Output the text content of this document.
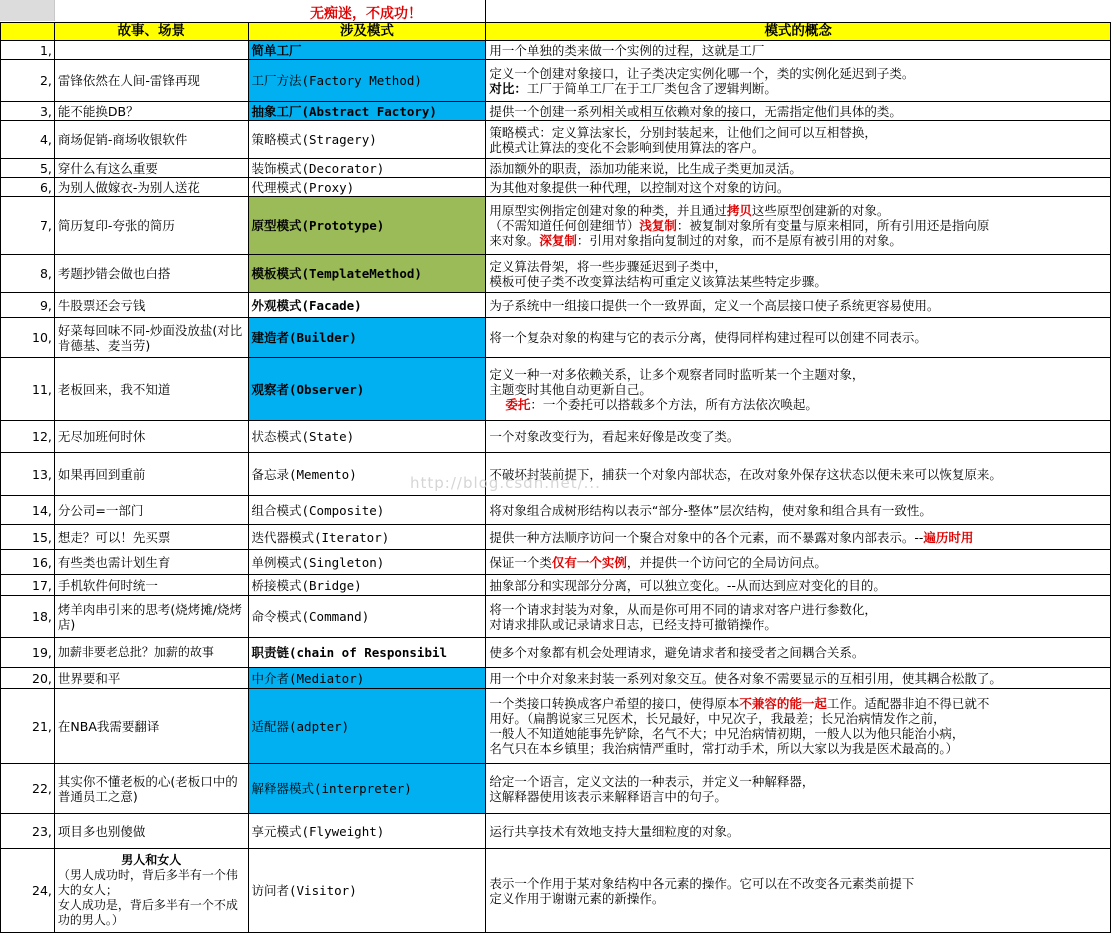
无痴迷，不成功！
	故事、场景	涉及模式	模式的概念
1,		简单工厂	用一个单独的类来做一个实例的过程，这就是工厂
2,	雷锋依然在人间-雷锋再现	工厂方法(Factory Method)	定义一个创建对象接口，让子类决定实例化哪一个，类的实例化延迟到子类。
对比：工厂于简单工厂在于工厂类包含了逻辑判断。

3,	能不能换DB？	抽象工厂(Abstract Factory)	提供一个创建一系列相关或相互依赖对象的接口，无需指定他们具体的类。
4,	商场促销-商场收银软件	策略模式(Stragery)	策略模式：定义算法家长，分别封装起来，让他们之间可以互相替换，
此模式让算法的变化不会影响到使用算法的客户。

5,	穿什么有这么重要	装饰模式(Decorator)	添加额外的职责，添加功能来说，比生成子类更加灵活。
6,	为别人做嫁衣-为别人送花	代理模式(Proxy)	为其他对象提供一种代理，以控制对这个对象的访问。
7,	简历复印-夸张的简历	原型模式(Prototype)	用原型实例指定创建对象的种类，并且通过拷贝这些原型创建新的对象。
（不需知道任何创建细节）浅复制：被复制对象所有变量与原来相同，所有引用还是指向原
来对象。深复制：引用对象指向复制过的对象，而不是原有被引用的对象。

8,	考题抄错会做也白搭	模板模式(TemplateMethod)	定义算法骨架，将一些步骤延迟到子类中，
模板可使子类不改变算法结构可重定义该算法某些特定步骤。

9,	牛股票还会亏钱	外观模式(Facade)	为子系统中一组接口提供一个一致界面，定义一个高层接口使子系统更容易使用。
10,	好菜每回味不同-炒面没放盐(对比肯德基、麦当劳)	建造者(Builder)	将一个复杂对象的构建与它的表示分离，使得同样构建过程可以创建不同表示。
11,	老板回来，我不知道	观察者(Observer)	定义一种一对多依赖关系，让多个观察者同时监听某一个主题对象，
主题变时其他自动更新自己。
委托：一个委托可以搭载多个方法，所有方法依次唤起。

12,	无尽加班何时休	状态模式(State)	一个对象改变行为，看起来好像是改变了类。
13,	如果再回到重前	备忘录(Memento)	不破坏封装前提下，捕获一个对象内部状态，在改对象外保存这状态以便未来可以恢复原来。
14,	分公司=一部门	组合模式(Composite)	将对象组合成树形结构以表示“部分-整体”层次结构，使对象和组合具有一致性。
15,	想走？可以！先买票	迭代器模式(Iterator)	提供一种方法顺序访问一个聚合对象中的各个元素，而不暴露对象内部表示。--遍历时用
16,	有些类也需计划生育	单例模式(Singleton)	保证一个类仅有一个实例，并提供一个访问它的全局访问点。
17,	手机软件何时统一	桥接模式(Bridge)	抽象部分和实现部分分离，可以独立变化。--从而达到应对变化的目的。
18,	烤羊肉串引来的思考(烧烤摊/烧烤店)	命令模式(Command)	将一个请求封装为对象，从而是你可用不同的请求对客户进行参数化，
对请求排队或记录请求日志，已经支持可撤销操作。

19,	加薪非要老总批？加薪的故事	职责链(chain of Responsibil	使多个对象都有机会处理请求，避免请求者和接受者之间耦合关系。
20,	世界要和平	中介者(Mediator)	用一个中介对象来封装一系列对象交互。使各对象不需要显示的互相引用，使其耦合松散了。
21,	在NBA我需要翻译	适配器(adpter)	一个类接口转换成客户希望的接口，使得原本不兼容的能一起工作。适配器非迫不得已就不
用好。（扁鹊说家三兄医术，长兄最好，中兄次子，我最差；长兄治病情发作之前，
一般人不知道她能事先铲除，名气不大；中兄治病情初期，一般人以为他只能治小病，
名气只在本乡镇里；我治病情严重时，常打动手术，所以大家以为我是医术最高的。）

22,	其实你不懂老板的心(老板口中的普通员工之意)	解释器模式(interpreter)	给定一个语言，定义文法的一种表示，并定义一种解释器，
这解释器使用该表示来解释语言中的句子。

23,	项目多也别傻做	享元模式(Flyweight)	运行共享技术有效地支持大量细粒度的对象。
24,	男人和女人
（男人成功时，背后多半有一个伟大的女人；
女人成功是，背后多半有一个不成功的男人。）	访问者(Visitor)	表示一个作用于某对象结构中各元素的操作。它可以在不改变各元素类前提下
定义作用于谢谢元素的新操作。
http://blog.csdn.net/...
